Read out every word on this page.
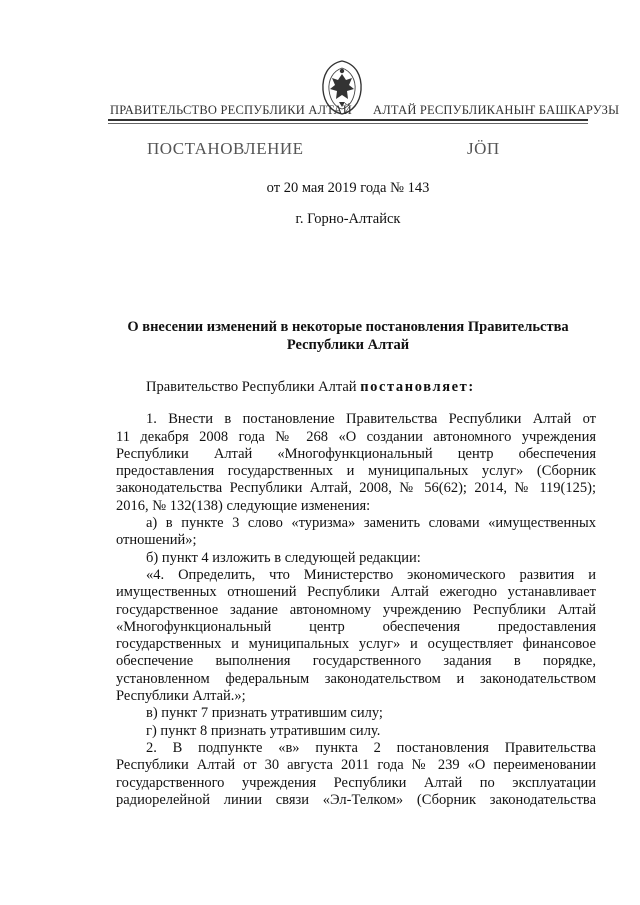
ПРАВИТЕЛЬСТВО РЕСПУБЛИКИ АЛТАЙ АЛТАЙ РЕСПУБЛИКАНЫҤ БАШКАРУЗЫ
ПОСТАНОВЛЕНИЕ	ЈӦП
от 20 мая 2019 года № 143
г. Горно-Алтайск
О внесении изменений в некоторые постановления Правительства
Республики Алтай

Правительство Республики Алтай постановляет:

1. Внести в постановление Правительства Республики Алтай от
11 декабря 2008 года № 268 «О создании автономного учреждения
Республики Алтай «Многофункциональный центр обеспечения
предоставления государственных и муниципальных услуг» (Сборник
законодательства Республики Алтай, 2008, № 56(62); 2014, № 119(125);
2016, № 132(138) следующие изменения:
а) в пункте 3 слово «туризма» заменить словами «имущественных
отношений»;
б) пункт 4 изложить в следующей редакции:
«4. Определить, что Министерство экономического развития и
имущественных отношений Республики Алтай ежегодно устанавливает
государственное задание автономному учреждению Республики Алтай
«Многофункциональный центр обеспечения предоставления
государственных и муниципальных услуг» и осуществляет финансовое
обеспечение выполнения государственного задания в порядке,
установленном федеральным законодательством и законодательством
Республики Алтай.»;
в) пункт 7 признать утратившим силу;
г) пункт 8 признать утратившим силу.
2. В подпункте «в» пункта 2 постановления Правительства
Республики Алтай от 30 августа 2011 года № 239 «О переименовании
государственного учреждения Республики Алтай по эксплуатации
радиорелейной линии связи «Эл-Телком» (Сборник законодательства
